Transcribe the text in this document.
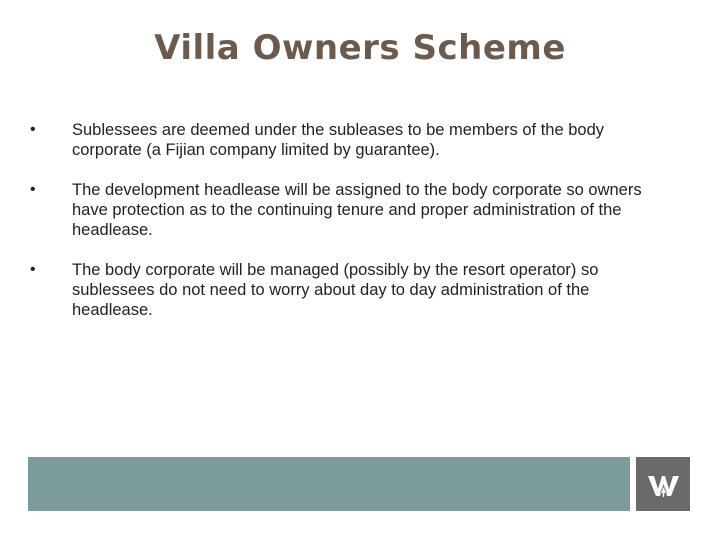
Villa Owners Scheme
•	Sublessees are deemed under the subleases to be members of the body corporate (a Fijian company limited by guarantee).
•	The development headlease will be assigned to the body corporate so owners have protection as to the continuing tenure and proper administration of the headlease.
•	The body corporate will be managed (possibly by the resort operator) so sublessees do not need to worry about day to day administration of the headlease.
